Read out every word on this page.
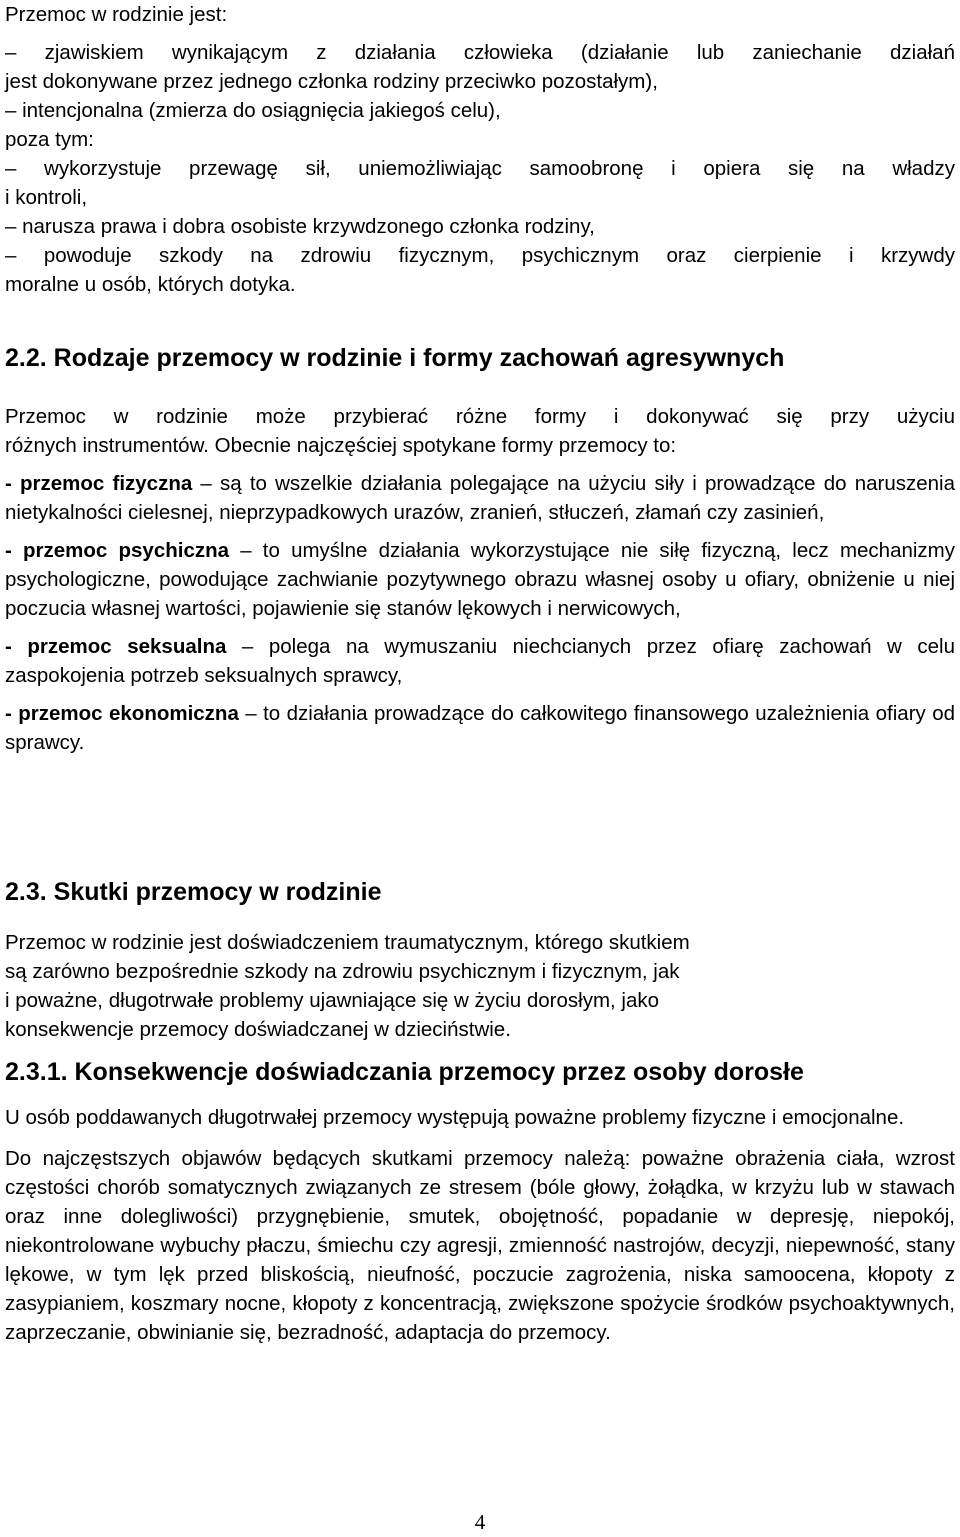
Przemoc w rodzinie jest:

– zjawiskiem wynikającym z działania człowieka (działanie lub zaniechanie działań

jest dokonywane przez jednego członka rodziny przeciwko pozostałym),

– intencjonalna (zmierza do osiągnięcia jakiegoś celu),

poza tym:

– wykorzystuje przewagę sił, uniemożliwiając samoobronę i opiera się na władzy

i kontroli,

– narusza prawa i dobra osobiste krzywdzonego członka rodziny,

– powoduje szkody na zdrowiu fizycznym, psychicznym oraz cierpienie i krzywdy

moralne u osób, których dotyka.

2.2. Rodzaje przemocy w rodzinie i formy zachowań agresywnych

Przemoc w rodzinie może przybierać różne formy i dokonywać się przy użyciu

różnych instrumentów. Obecnie najczęściej spotykane formy przemocy to:

- przemoc fizyczna – są to wszelkie działania polegające na użyciu siły i prowadzące do naruszenia nietykalności cielesnej, nieprzypadkowych urazów, zranień, stłuczeń, złamań czy zasinień,

- przemoc psychiczna – to umyślne działania wykorzystujące nie siłę fizyczną, lecz mechanizmy psychologiczne, powodujące zachwianie pozytywnego obrazu własnej osoby u ofiary, obniżenie u niej poczucia własnej wartości, pojawienie się stanów lękowych i nerwicowych,

- przemoc seksualna – polega na wymuszaniu niechcianych przez ofiarę zachowań w celu zaspokojenia potrzeb seksualnych sprawcy,

- przemoc ekonomiczna – to działania prowadzące do całkowitego finansowego uzależnienia ofiary od sprawcy.

2.3. Skutki przemocy w rodzinie

Przemoc w rodzinie jest doświadczeniem traumatycznym, którego skutkiem

są zarówno bezpośrednie szkody na zdrowiu psychicznym i fizycznym, jak

i poważne, długotrwałe problemy ujawniające się w życiu dorosłym, jako

konsekwencje przemocy doświadczanej w dzieciństwie.

2.3.1. Konsekwencje doświadczania przemocy przez osoby dorosłe

U osób poddawanych długotrwałej przemocy występują poważne problemy fizyczne i emocjonalne.

Do najczęstszych objawów będących skutkami przemocy należą: poważne obrażenia ciała, wzrost częstości chorób somatycznych związanych ze stresem (bóle głowy, żołądka, w krzyżu lub w stawach oraz inne dolegliwości) przygnębienie, smutek, obojętność, popadanie w depresję, niepokój, niekontrolowane wybuchy płaczu, śmiechu czy agresji, zmienność nastrojów, decyzji, niepewność, stany lękowe, w tym lęk przed bliskością, nieufność, poczucie zagrożenia, niska samoocena, kłopoty z zasypianiem, koszmary nocne, kłopoty z koncentracją, zwiększone spożycie środków psychoaktywnych, zaprzeczanie, obwinianie się, bezradność, adaptacja do przemocy.

4
